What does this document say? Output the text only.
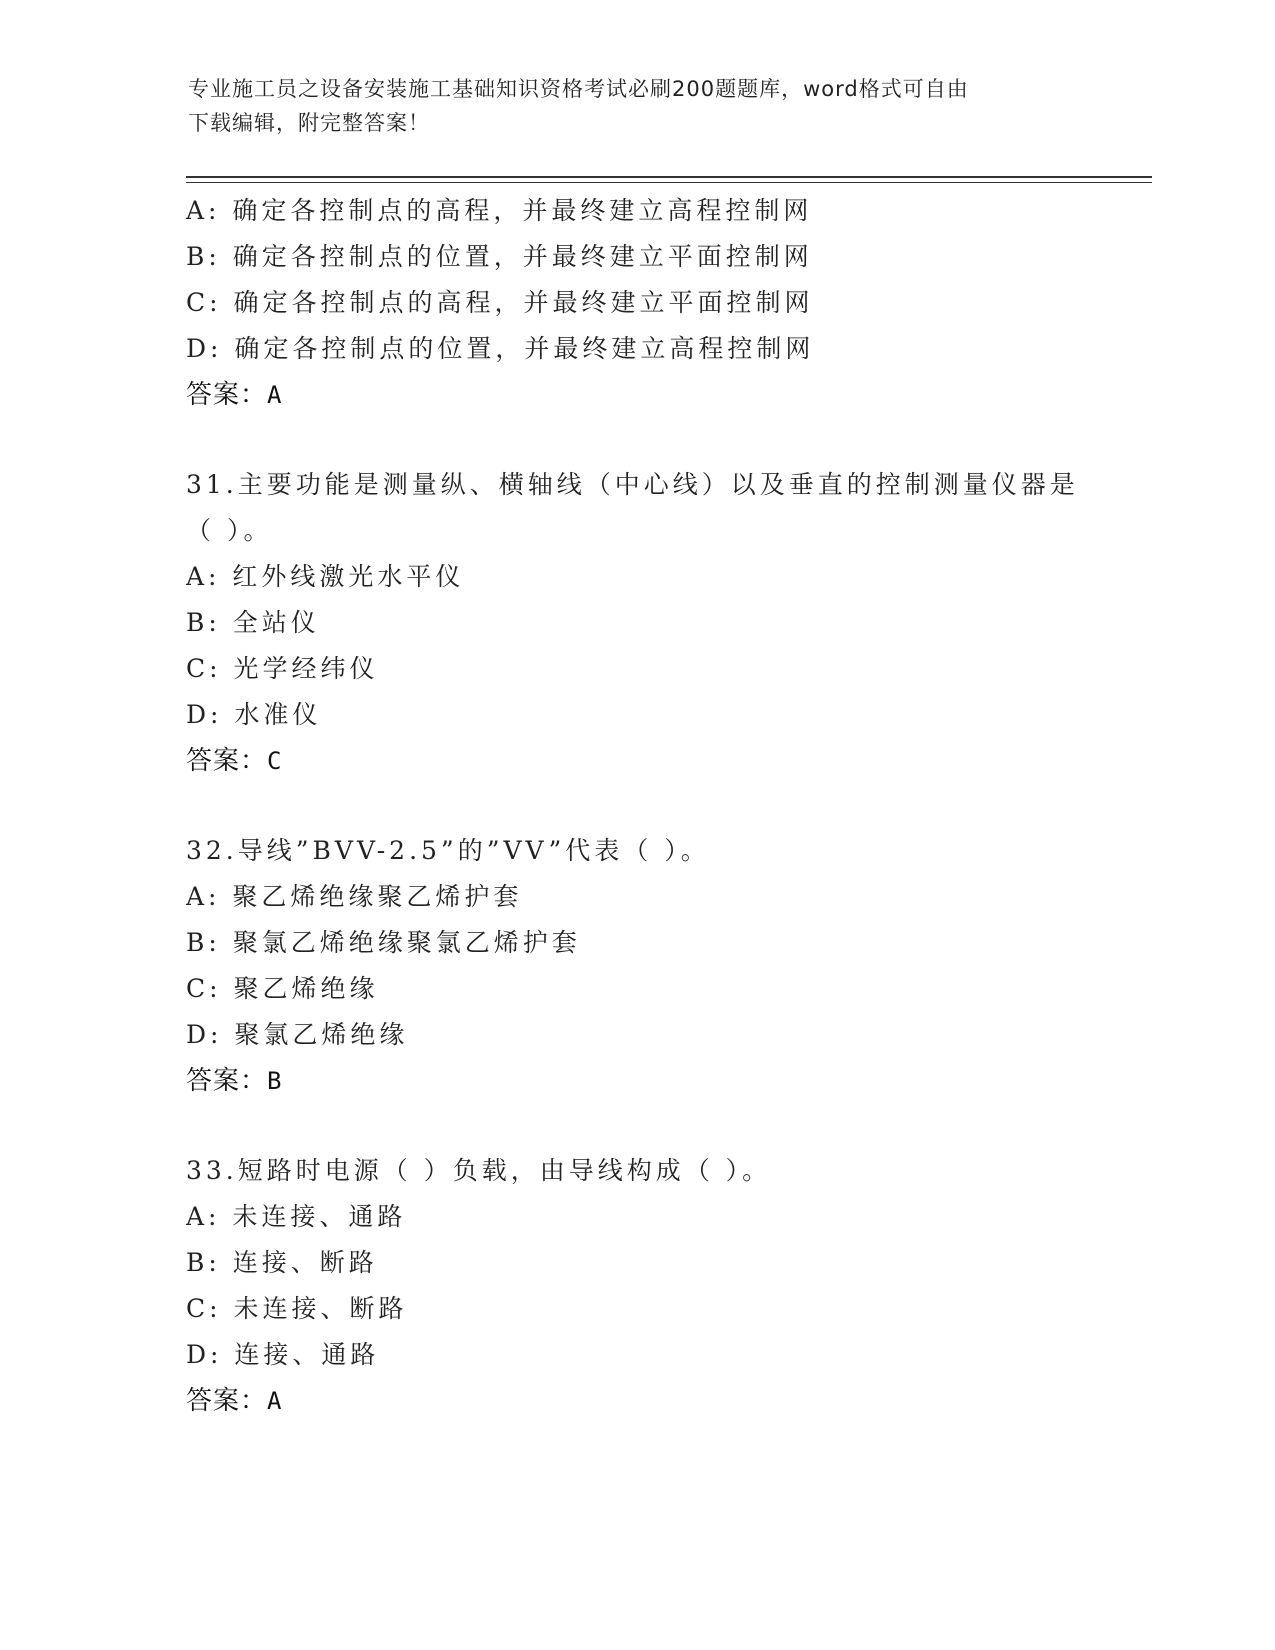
专业施工员之设备安装施工基础知识资格考试必刷200题题库，word格式可自由
下载编辑，附完整答案！
A: 确定各控制点的高程，并最终建立高程控制网
B: 确定各控制点的位置，并最终建立平面控制网
C: 确定各控制点的高程，并最终建立平面控制网
D: 确定各控制点的位置，并最终建立高程控制网
答案：A
31.主要功能是测量纵、横轴线（中心线）以及垂直的控制测量仪器是
（ ）。
A: 红外线激光水平仪
B: 全站仪
C: 光学经纬仪
D: 水准仪
答案：C
32.导线”BVV-2.5”的”VV”代表（ ）。
A: 聚乙烯绝缘聚乙烯护套
B: 聚氯乙烯绝缘聚氯乙烯护套
C: 聚乙烯绝缘
D: 聚氯乙烯绝缘
答案：B
33.短路时电源（ ）负载，由导线构成（ ）。
A: 未连接、通路
B: 连接、断路
C: 未连接、断路
D: 连接、通路
答案：A
